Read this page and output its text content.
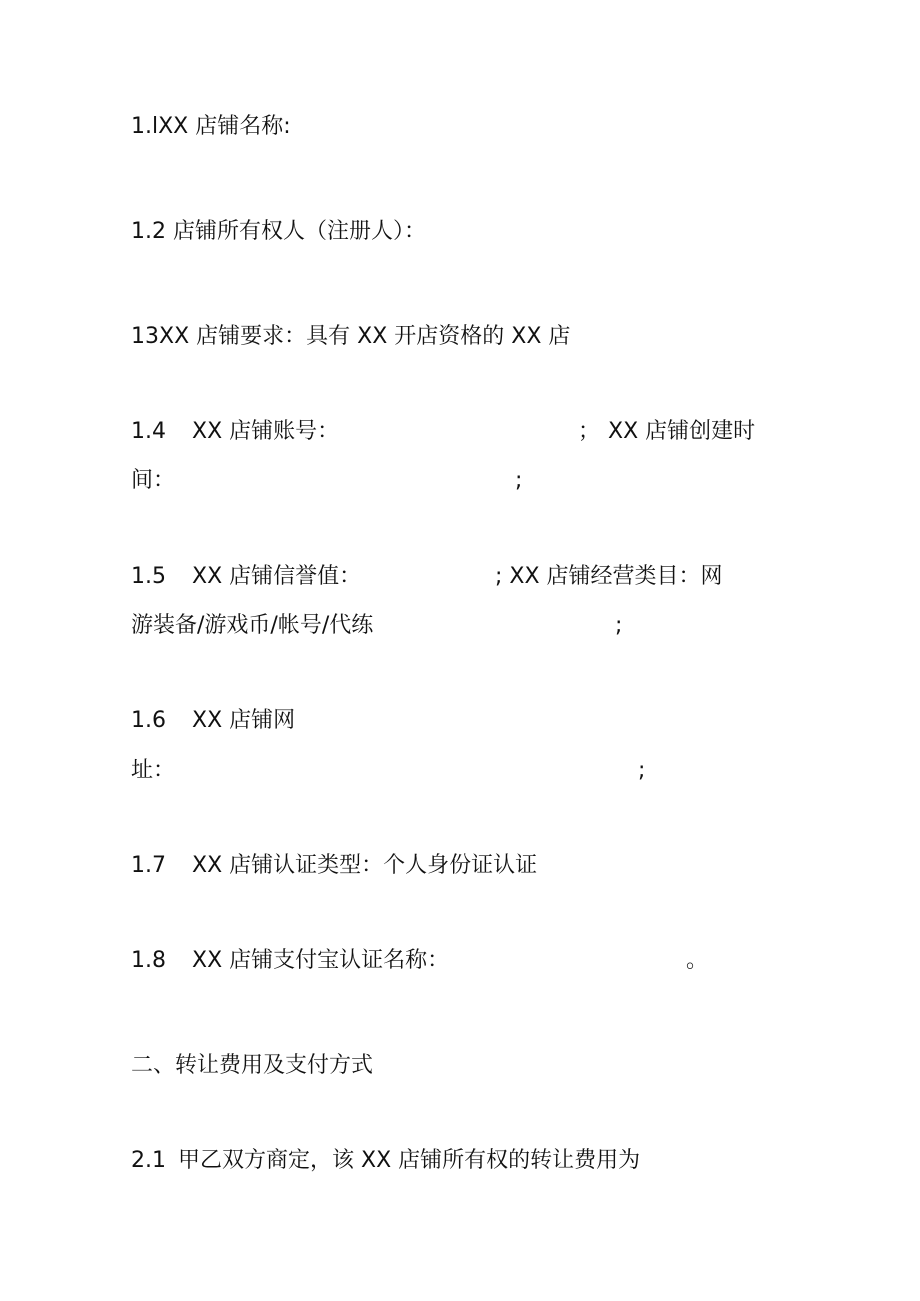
1.lXX 店铺名称:
1.2 店铺所有权人（注册人）：
13XX 店铺要求：具有 XX 开店资格的 XX 店
1.4 XX 店铺账号：	； XX 店铺创建时
间：	;
1.5 XX 店铺信誉值：	; XX 店铺经营类目：网
游装备/游戏币/帐号/代练	;
1.6 XX 店铺网
址：	;
1.7 XX 店铺认证类型：个人身份证认证
1.8 XX 店铺支付宝认证名称：	。
二、转让费用及支付方式
2.1 甲乙双方商定，该 XX 店铺所有权的转让费用为
